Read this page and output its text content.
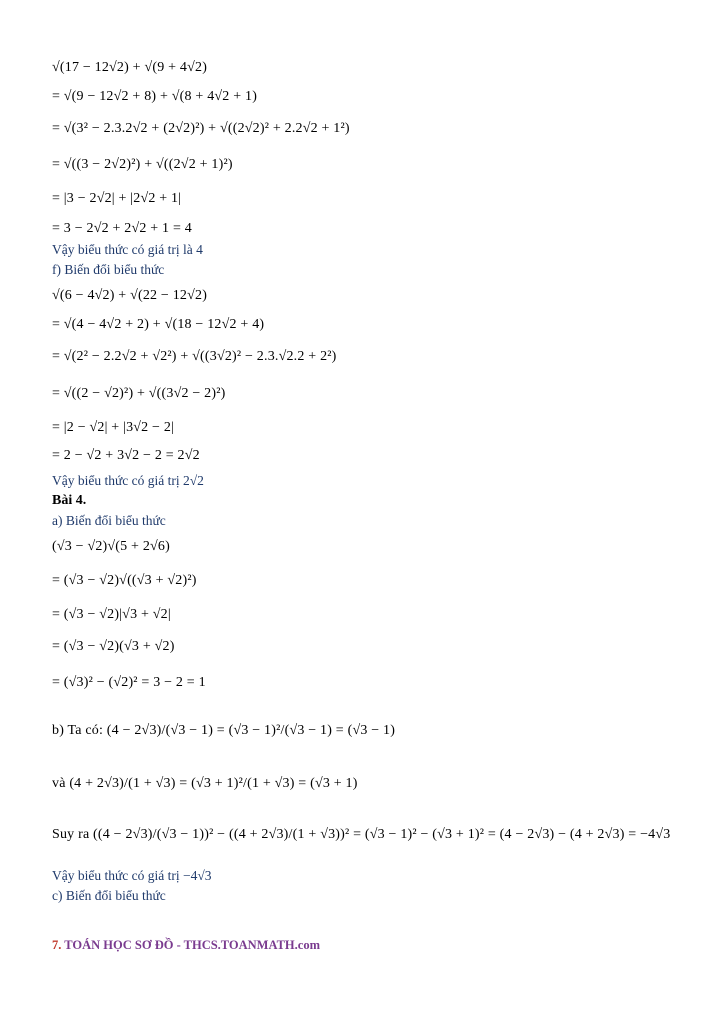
√(17 − 12√2) + √(9 + 4√2)
= √(9 − 12√2 + 8) + √(8 + 4√2 + 1)
= √(3² − 2.3.2√2 + (2√2)²) + √((2√2)² + 2.2√2 + 1²)
= √((3 − 2√2)²) + √((2√2 + 1)²)
= |3 − 2√2| + |2√2 + 1|
= 3 − 2√2 + 2√2 + 1 = 4
Vậy biểu thức có giá trị là 4
f) Biến đổi biểu thức
√(6 − 4√2) + √(22 − 12√2)
= √(4 − 4√2 + 2) + √(18 − 12√2 + 4)
= √(2² − 2.2√2 + √2²) + √((3√2)² − 2.3.√2.2 + 2²)
= √((2 − √2)²) + √((3√2 − 2)²)
= |2 − √2| + |3√2 − 2|
= 2 − √2 + 3√2 − 2 = 2√2
Vậy biểu thức có giá trị 2√2
Bài 4.
a) Biến đổi biểu thức
(√3 − √2)√(5 + 2√6)
= (√3 − √2)√((√3 + √2)²)
= (√3 − √2)|√3 + √2|
= (√3 − √2)(√3 + √2)
= (√3)² − (√2)² = 3 − 2 = 1
b) Ta có: (4 − 2√3)/(√3 − 1) = (√3 − 1)²/(√3 − 1) = (√3 − 1)
và (4 + 2√3)/(1 + √3) = (√3 + 1)²/(1 + √3) = (√3 + 1)
Suy ra ((4 − 2√3)/(√3 − 1))² − ((4 + 2√3)/(1 + √3))² = (√3 − 1)² − (√3 + 1)² = (4 − 2√3) − (4 + 2√3) = −4√3
Vậy biểu thức có giá trị −4√3
c) Biến đổi biểu thức
7. TOÁN HỌC SƠ ĐỒ - THCS.TOANMATH.com
